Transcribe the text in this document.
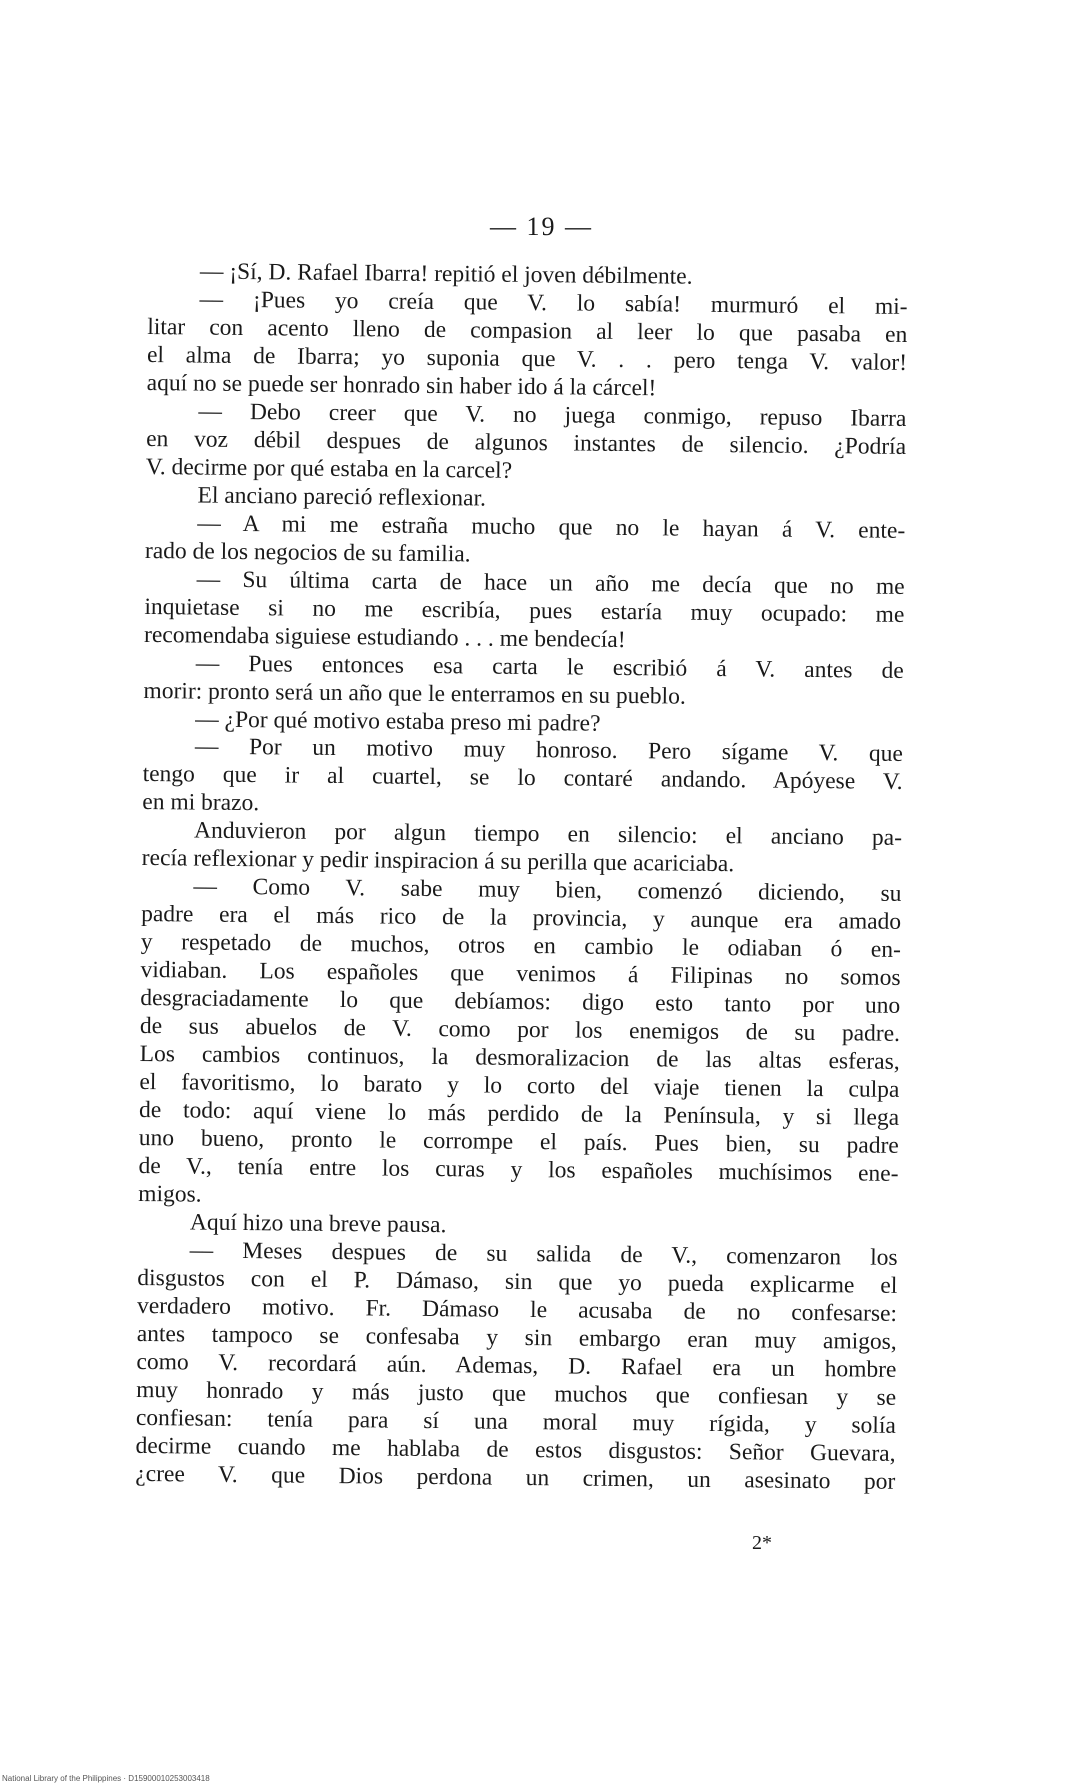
— 19 —
— ¡Sí, D. Rafael Ibarra! repitió el joven débilmente.
— ¡Pues yo creía que V. lo sabía! murmuró el mi-
litar con acento lleno de compasion al leer lo que pasaba en
el alma de Ibarra; yo suponia que V. . . pero tenga V. valor!
aquí no se puede ser honrado sin haber ido á la cárcel!
— Debo creer que V. no juega conmigo, repuso Ibarra
en voz débil despues de algunos instantes de silencio. ¿Podría
V. decirme por qué estaba en la carcel?
El anciano pareció reflexionar.
— A mi me estraña mucho que no le hayan á V. ente-
rado de los negocios de su familia.
— Su última carta de hace un año me decía que no me
inquietase si no me escribía, pues estaría muy ocupado: me
recomendaba siguiese estudiando . . . me bendecía!
— Pues entonces esa carta le escribió á V. antes de
morir: pronto será un año que le enterramos en su pueblo.
— ¿Por qué motivo estaba preso mi padre?
— Por un motivo muy honroso. Pero sígame V. que
tengo que ir al cuartel, se lo contaré andando. Apóyese V.
en mi brazo.
Anduvieron por algun tiempo en silencio: el anciano pa-
recía reflexionar y pedir inspiracion á su perilla que acariciaba.
— Como V. sabe muy bien, comenzó diciendo, su
padre era el más rico de la provincia, y aunque era amado
y respetado de muchos, otros en cambio le odiaban ó en-
vidiaban. Los españoles que venimos á Filipinas no somos
desgraciadamente lo que debíamos: digo esto tanto por uno
de sus abuelos de V. como por los enemigos de su padre.
Los cambios continuos, la desmoralizacion de las altas esferas,
el favoritismo, lo barato y lo corto del viaje tienen la culpa
de todo: aquí viene lo más perdido de la Península, y si llega
uno bueno, pronto le corrompe el país. Pues bien, su padre
de V., tenía entre los curas y los españoles muchísimos ene-
migos.
Aquí hizo una breve pausa.
— Meses despues de su salida de V., comenzaron los
disgustos con el P. Dámaso, sin que yo pueda explicarme el
verdadero motivo. Fr. Dámaso le acusaba de no confesarse:
antes tampoco se confesaba y sin embargo eran muy amigos,
como V. recordará aún. Ademas, D. Rafael era un hombre
muy honrado y más justo que muchos que confiesan y se
confiesan: tenía para sí una moral muy rígida, y solía
decirme cuando me hablaba de estos disgustos: Señor Guevara,
¿cree V. que Dios perdona un crimen, un asesinato por
2*
National Library of the Philippines · D15900010253003418
